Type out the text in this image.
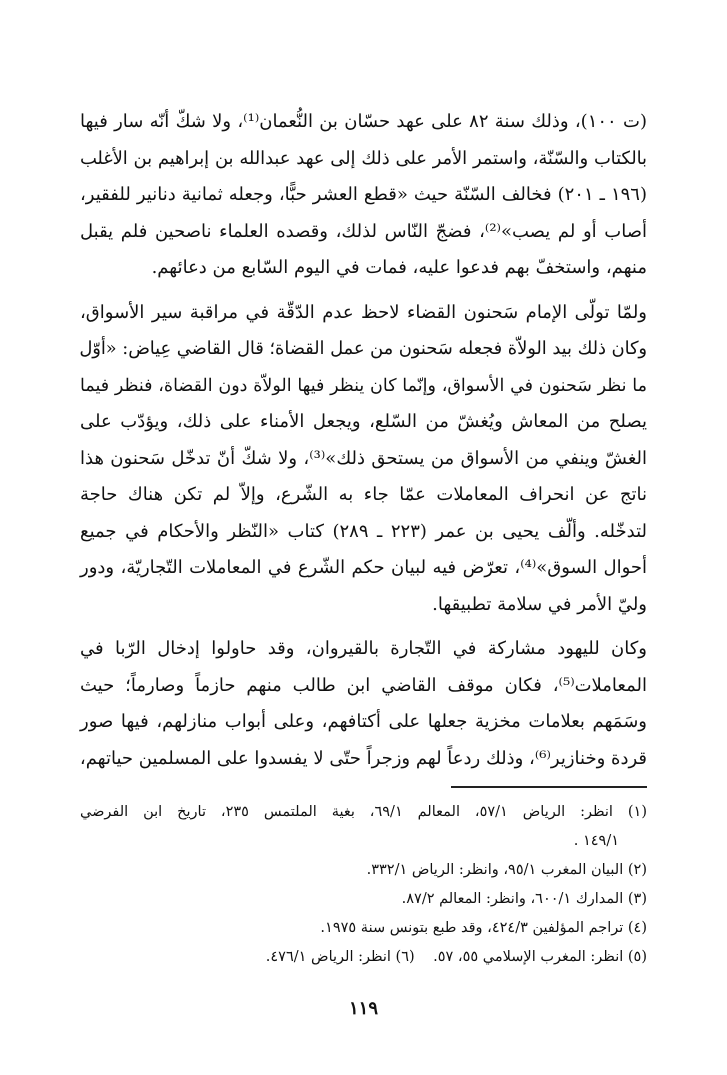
(ت ١٠٠)، وذلك سنة ٨٢ على عهد حسّان بن النُّعمان⁽¹⁾، ولا شكّ أنّه سار فيها
بالكتاب والسّنّة، واستمر الأمر على ذلك إلى عهد عبدالله بن إبراهيم بن الأغلب
(١٩٦ ـ ٢٠١) فخالف السّنّة حيث «قطع العشر حبًّا، وجعله ثمانية دنانير للفقير،
أصاب أو لم يصب»⁽²⁾، فضجّ النّاس لذلك، وقصده العلماء ناصحين فلم يقبل
منهم، واستخفّ بهم فدعوا عليه، فمات في اليوم السّابع من دعائهم.
ولمّا تولّى الإمام سَحنون القضاء لاحظ عدم الدّقّة في مراقبة سير الأسواق،
وكان ذلك بيد الولاّة فجعله سَحنون من عمل القضاة؛ قال القاضي عِياض: «أوّل
ما نظر سَحنون في الأسواق، وإنّما كان ينظر فيها الولاّة دون القضاة، فنظر فيما
يصلح من المعاش ويُغشّ من السّلع، ويجعل الأمناء على ذلك، ويؤدّب على
الغشّ وينفي من الأسواق من يستحق ذلك»⁽³⁾، ولا شكّ أنّ تدخّل سَحنون هذا
ناتج عن انحراف المعاملات عمّا جاء به الشّرع، وإلاّ لم تكن هناك حاجة
لتدخّله. وألّف يحيى بن عمر (٢٢٣ ـ ٢٨٩) كتاب «النّظر والأحكام في جميع
أحوال السوق»⁽⁴⁾، تعرّض فيه لبيان حكم الشّرع في المعاملات التّجاريّة، ودور
وليّ الأمر في سلامة تطبيقها.
وكان لليهود مشاركة في التّجارة بالقيروان، وقد حاولوا إدخال الرّبا في
المعاملات⁽⁵⁾، فكان موقف القاضي ابن طالب منهم حازماً وصارماً؛ حيث
وسَمَهم بعلامات مخزية جعلها على أكتافهم، وعلى أبواب منازلهم، فيها صور
قردة وخنازير⁽⁶⁾، وذلك ردعاً لهم وزجراً حتّى لا يفسدوا على المسلمين حياتهم،
(١) انظر: الرياض ٥٧/١، المعالم ٦٩/١، بغية الملتمس ٢٣٥، تاريخ ابن الفرضي
١٤٩/١ .
(٢) البيان المغرب ٩٥/١، وانظر: الرياض ٣٣٢/١.
(٣) المدارك ٦٠٠/١، وانظر: المعالم ٨٧/٢.
(٤) تراجم المؤلفين ٤٢٤/٣، وقد طبع بتونس سنة ١٩٧٥.
(٥) انظر: المغرب الإسلامي ٥٥، ٥٧.    (٦) انظر: الرياض ٤٧٦/١.
١١٩
